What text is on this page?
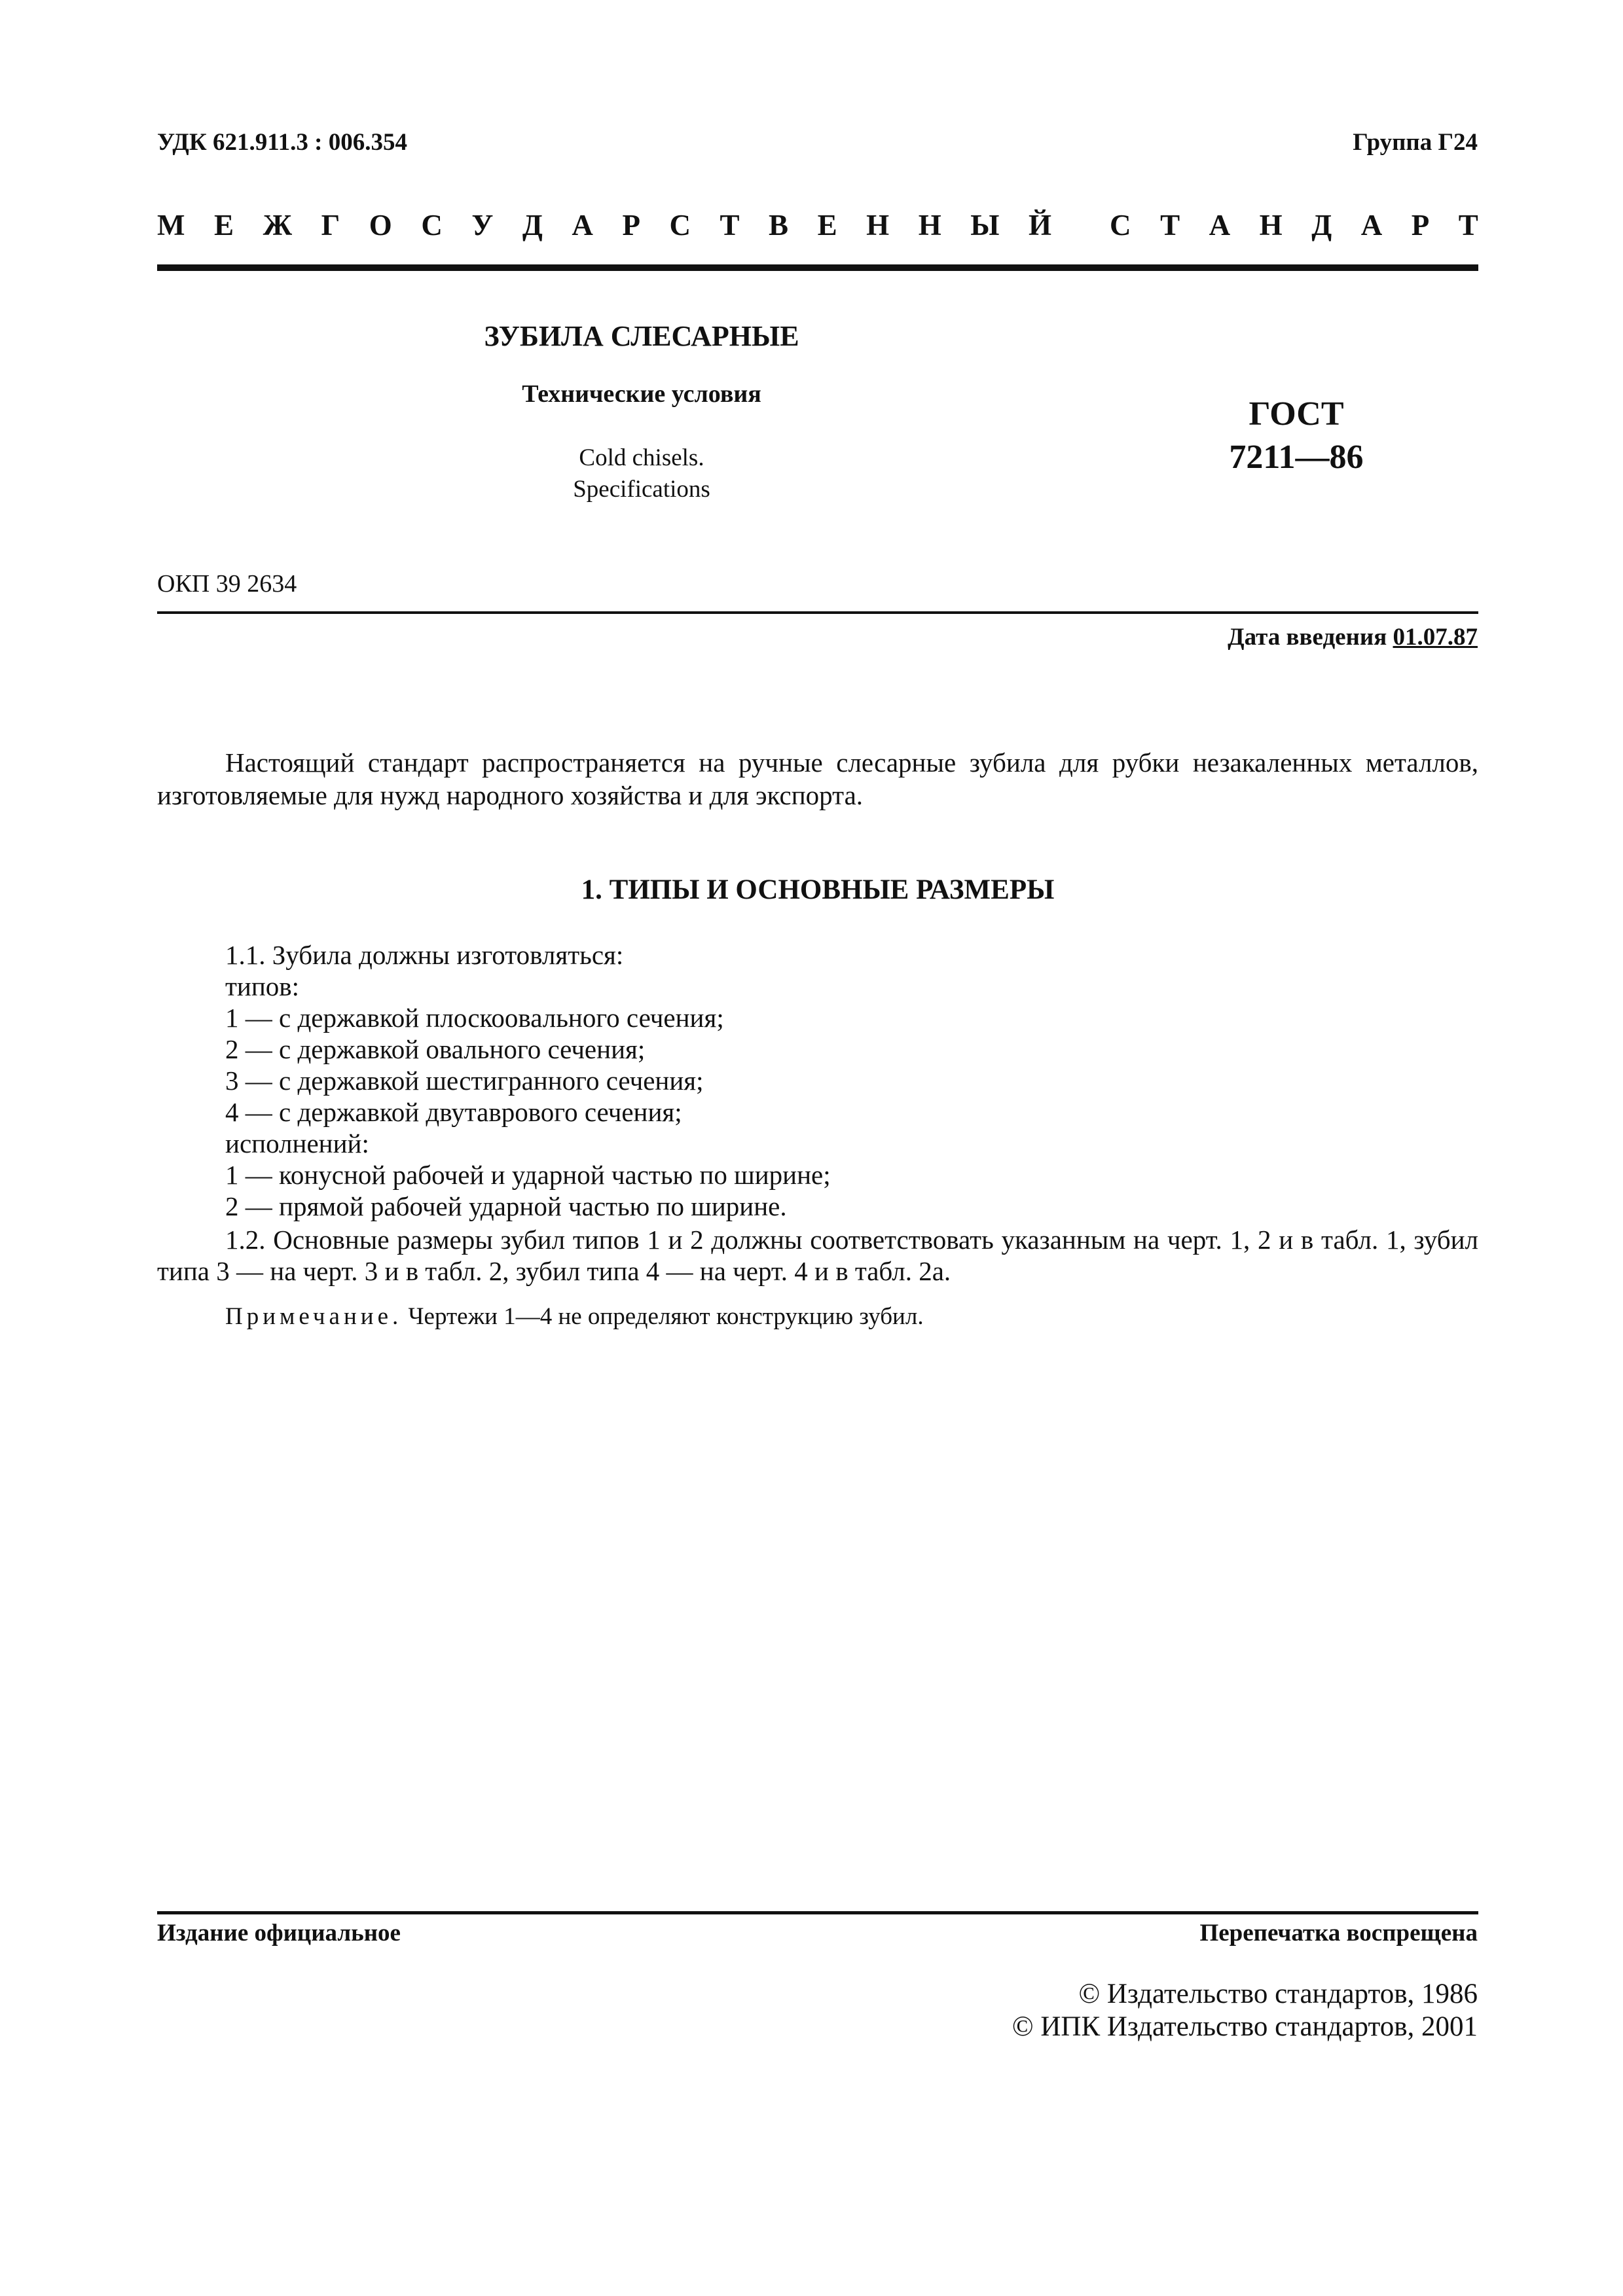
УДК 621.911.3 : 006.354	Группа Г24
М Е Ж Г О С У Д А Р С Т В Е Н Н Ы Й С Т А Н Д А Р Т
ЗУБИЛА СЛЕСАРНЫЕ
Технические условия
Cold chisels.
Specifications
ГОСТ
7211—86
ОКП 39 2634
Дата введения 01.07.87
Настоящий стандарт распространяется на ручные слесарные зубила для рубки незакаленных металлов, изготовляемые для нужд народного хозяйства и для экспорта.
1. ТИПЫ И ОСНОВНЫЕ РАЗМЕРЫ
1.1. Зубила должны изготовляться:
типов:
1 — с державкой плоскоовального сечения;
2 — с державкой овального сечения;
3 — с державкой шестигранного сечения;
4 — с державкой двутаврового сечения;
исполнений:
1 — конусной рабочей и ударной частью по ширине;
2 — прямой рабочей ударной частью по ширине.
1.2. Основные размеры зубил типов 1 и 2 должны соответствовать указанным на черт. 1, 2 и в табл. 1, зубил типа 3 — на черт. 3 и в табл. 2, зубил типа 4 — на черт. 4 и в табл. 2а.
Примечание. Чертежи 1—4 не определяют конструкцию зубил.
Издание официальное	Перепечатка воспрещена
© Издательство стандартов, 1986
© ИПК Издательство стандартов, 2001
